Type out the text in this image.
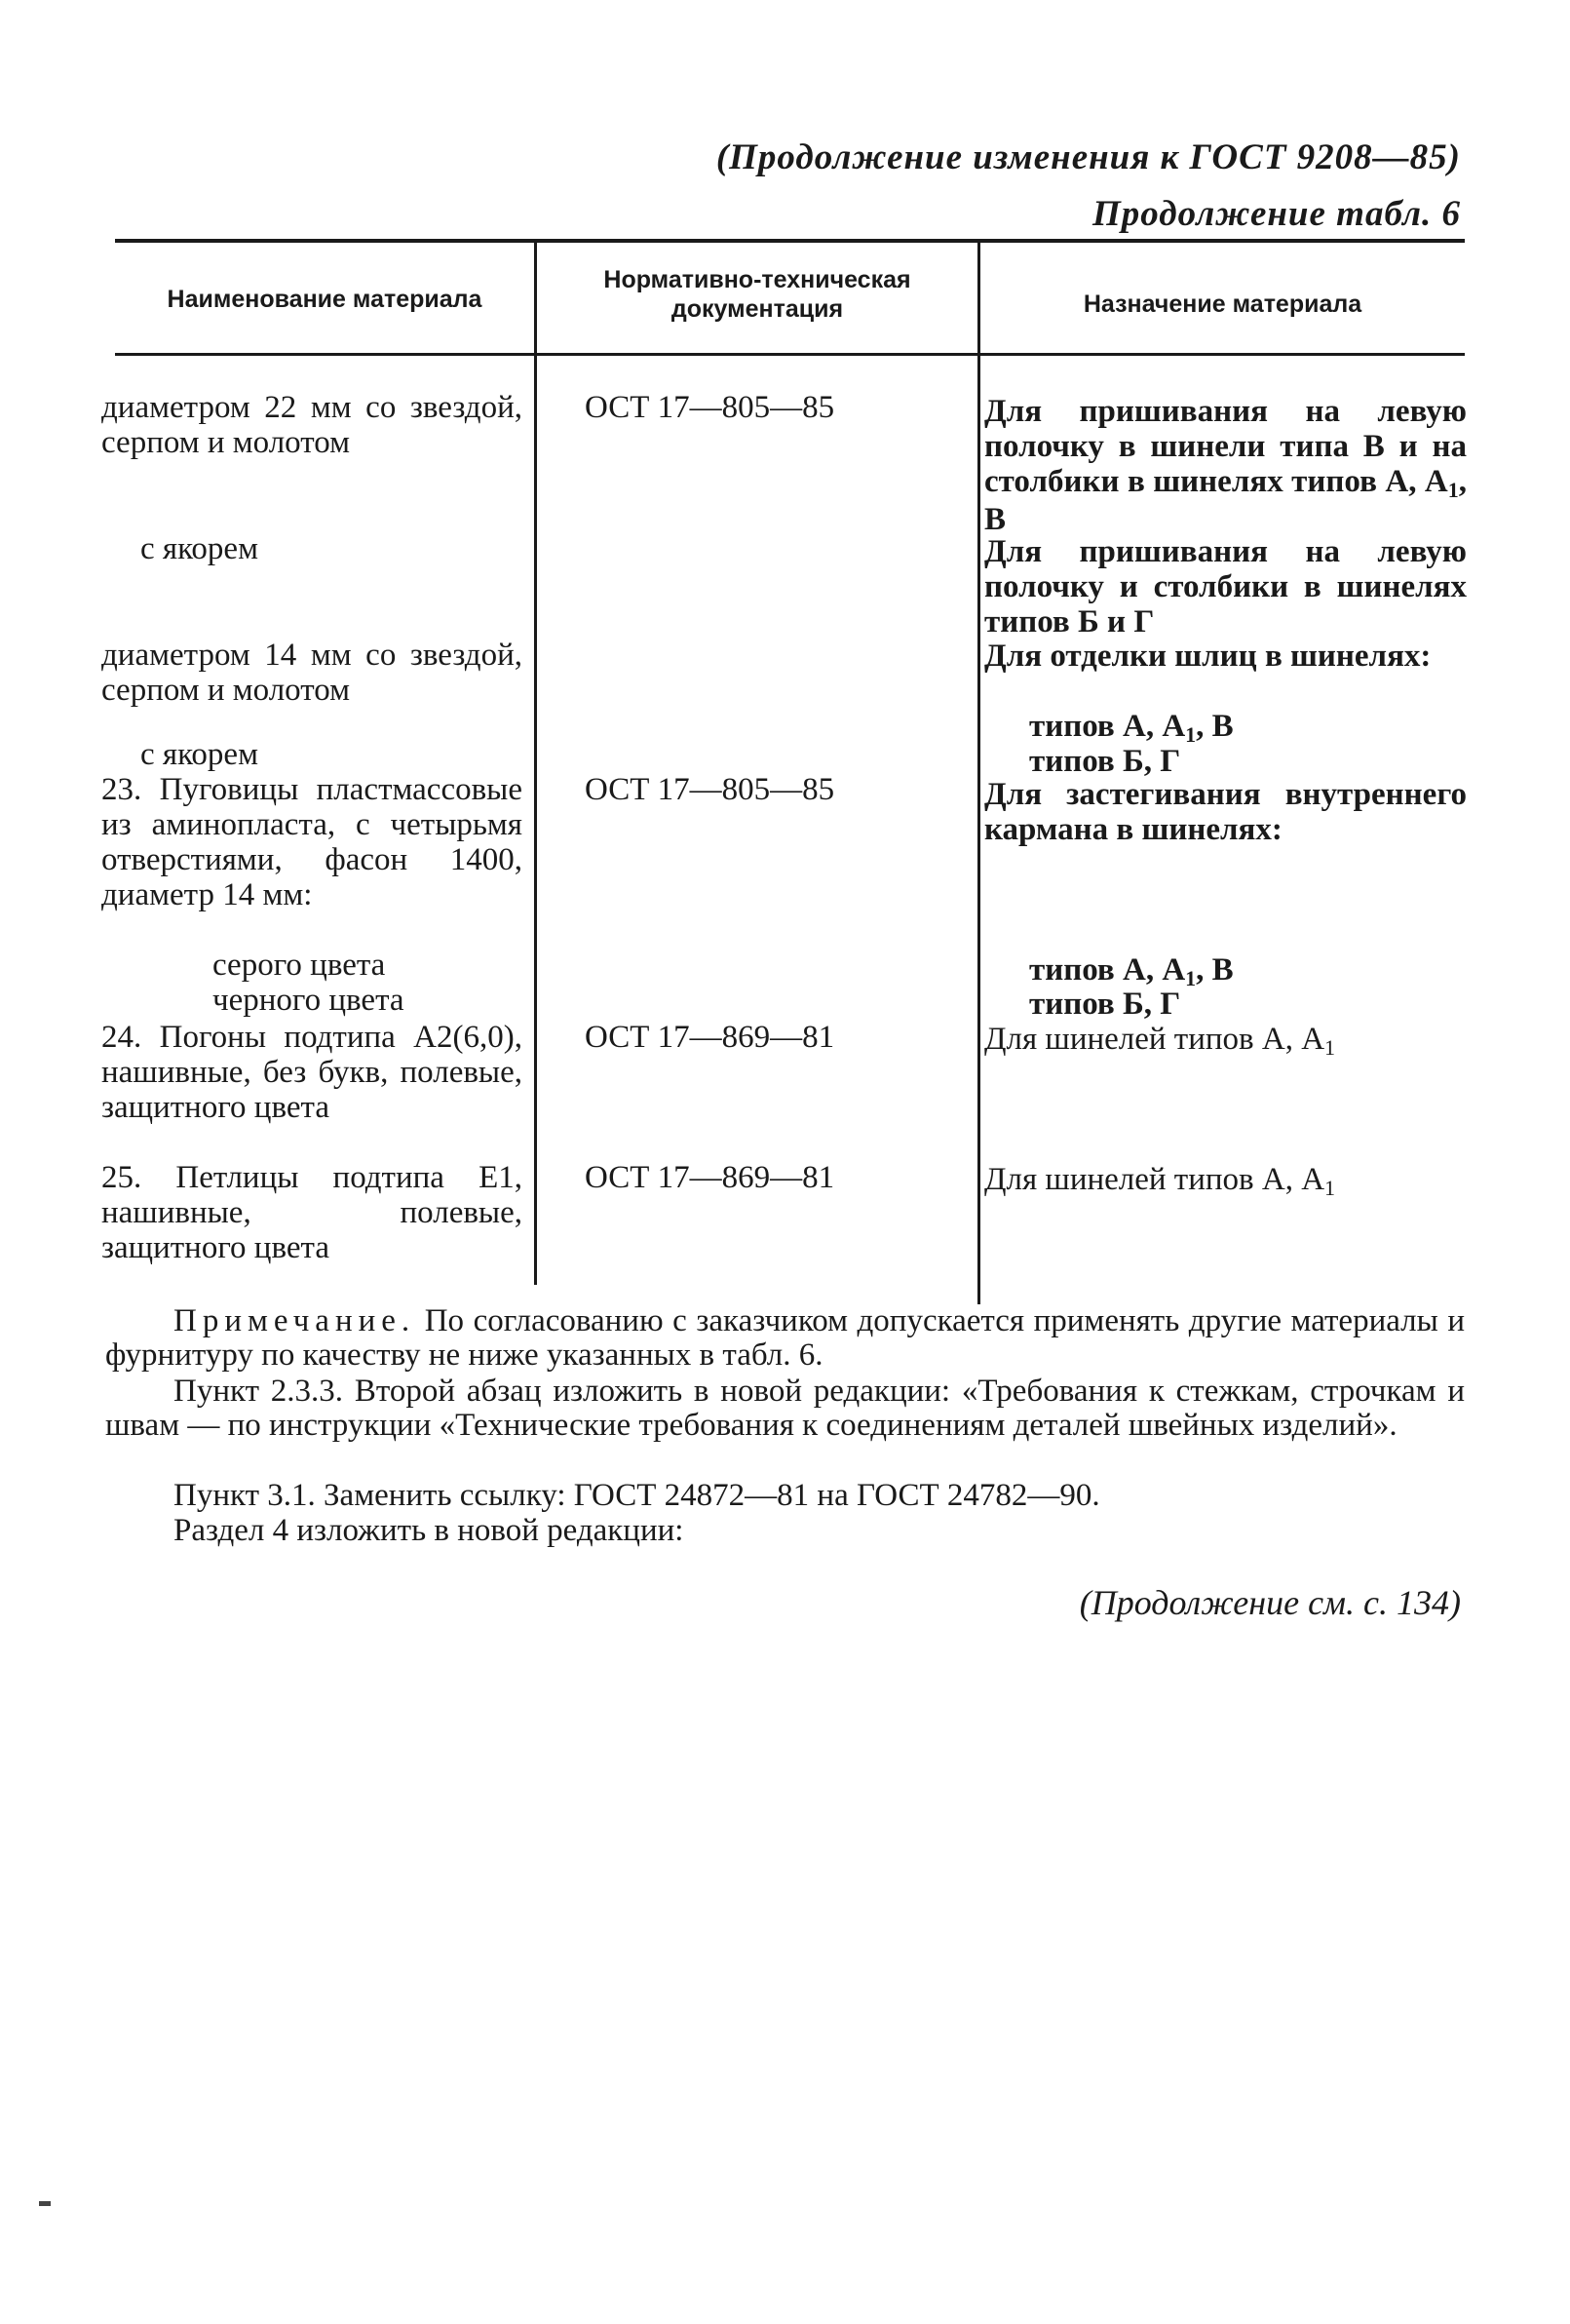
(Продолжение изменения к ГОСТ 9208—85)
Продолжение табл. 6
Наименование материала
Нормативно-техническая документация	Назначение материала
диаметром 22 мм со звездой, серпом и молотом
с якорем
диаметром 14 мм со звездой, серпом и молотом
с якорем
23. Пуговицы пластмассовые из аминопласта, с четырьмя отверстиями, фасон 1400, диаметр 14 мм:
серого цвета
черного цвета
24. Погоны подтипа А2(6,0), нашивные, без букв, полевые, защитного цвета
25. Петлицы подтипа Е1, нашивные, полевые, защитного цвета
ОСТ 17—805—85
ОСТ 17—805—85
ОСТ 17—869—81
ОСТ 17—869—81
Для пришивания на левую полочку в шинели типа В и на столбики в шинелях типов А, А1, В
Для пришивания на левую полочку и столбики в шинелях типов Б и Г
Для отделки шлиц в шинелях:
типов А, А1, В
типов Б, Г
Для застегивания внутреннего кармана в шинелях:
типов А, А1, В
типов Б, Г
Для шинелей типов А, А1
Для шинелей типов А, А1
Примечание. По согласованию с заказчиком допускается применять другие материалы и фурнитуру по качеству не ниже указанных в табл. 6.
Пункт 2.3.3. Второй абзац изложить в новой редакции: «Требования к стежкам, строчкам и швам — по инструкции «Технические требования к соединениям деталей швейных изделий».
Пункт 3.1. Заменить ссылку: ГОСТ 24872—81 на ГОСТ 24782—90.
Раздел 4 изложить в новой редакции:
(Продолжение см. с. 134)
